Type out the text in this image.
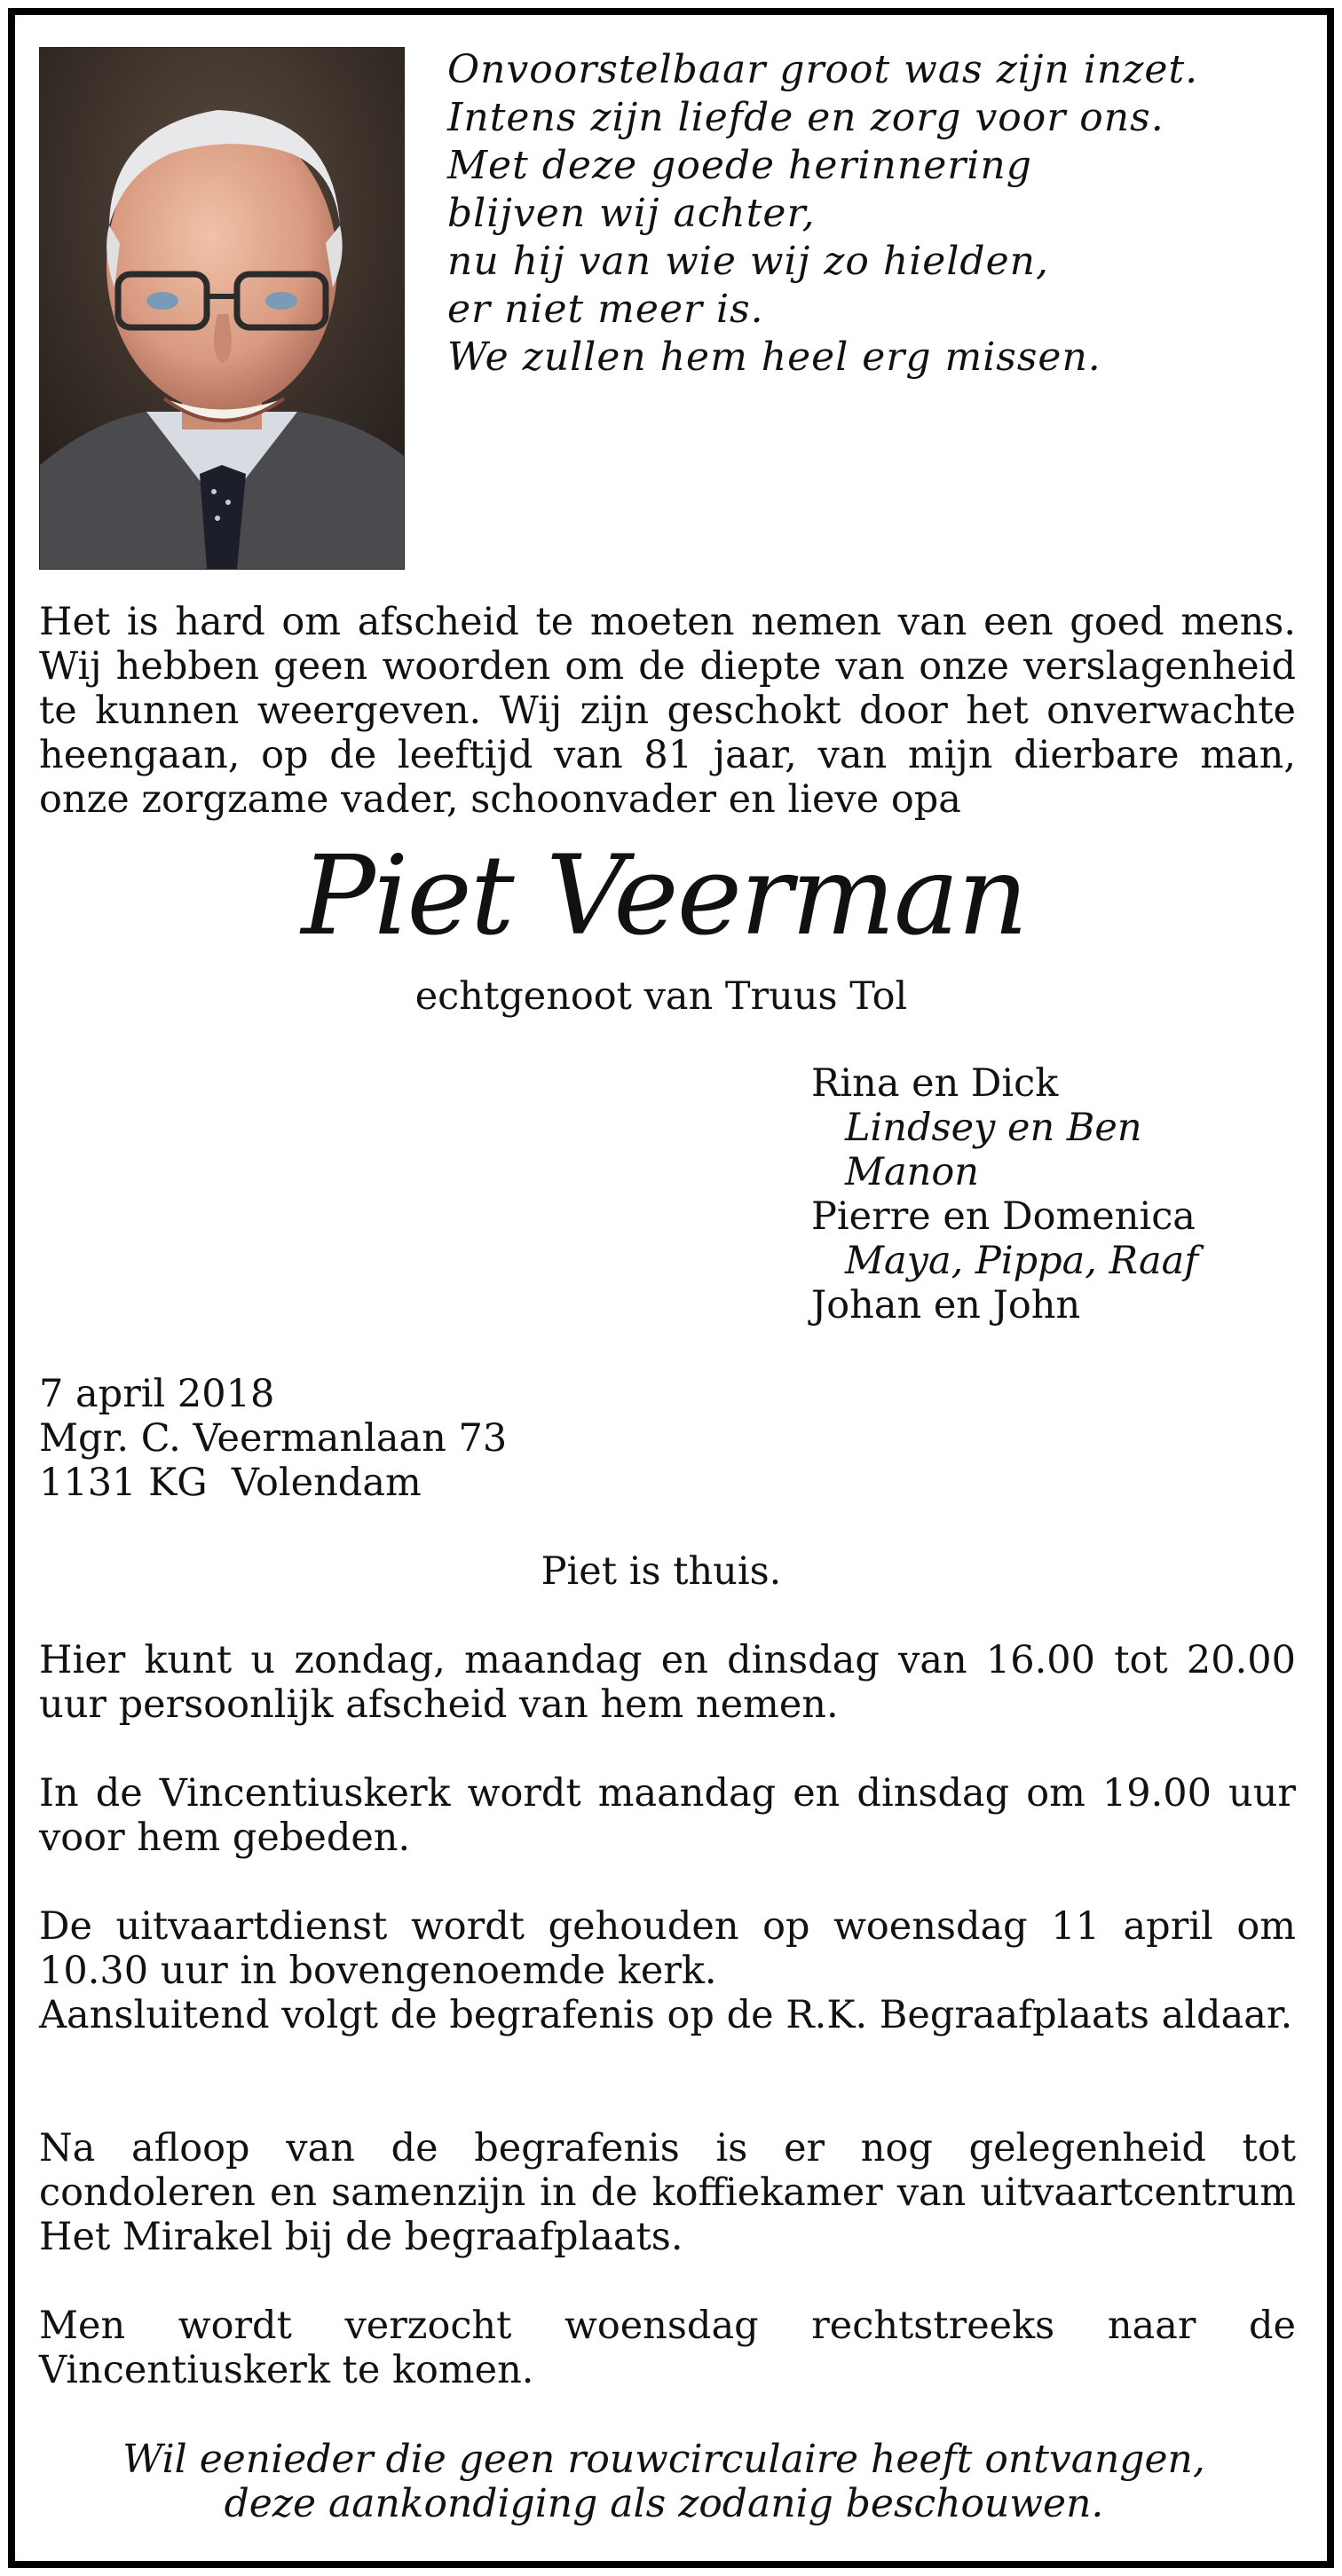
Onvoorstelbaar groot was zijn inzet.
Intens zijn liefde en zorg voor ons.
Met deze goede herinnering
blijven wij achter,
nu hij van wie wij zo hielden,
er niet meer is.
We zullen hem heel erg missen.

Het is hard om afscheid te moeten nemen van een goed mens. Wij hebben geen woorden om de diepte van onze verslagenheid te kunnen weergeven. Wij zijn geschokt door het onverwachte heengaan, op de leeftijd van 81 jaar, van mijn dierbare man, onze zorgzame vader, schoonvader en lieve opa

Piet Veerman
echtgenoot van Truus Tol
Rina en Dick
Lindsey en Ben
Manon
Pierre en Domenica
Maya, Pippa, Raaf
Johan en John
7 april 2018
Mgr. C. Veermanlaan 73
1131 KG  Volendam
Piet is thuis.

Hier kunt u zondag, maandag en dinsdag van 16.00 tot 20.00 uur persoonlijk afscheid van hem nemen.

In de Vincentiuskerk wordt maandag en dinsdag om 19.00 uur voor hem gebeden.

De uitvaartdienst wordt gehouden op woensdag 11 april om 10.30 uur in bovengenoemde kerk.
Aansluitend volgt de begrafenis op de R.K. Begraafplaats aldaar.

Na afloop van de begrafenis is er nog gelegenheid tot condoleren en samenzijn in de koffiekamer van uitvaartcentrum Het Mirakel bij de begraafplaats.

Men wordt verzocht woensdag rechtstreeks naar de Vincentiuskerk te komen.

Wil eenieder die geen rouwcirculaire heeft ontvangen,
deze aankondiging als zodanig beschouwen.
